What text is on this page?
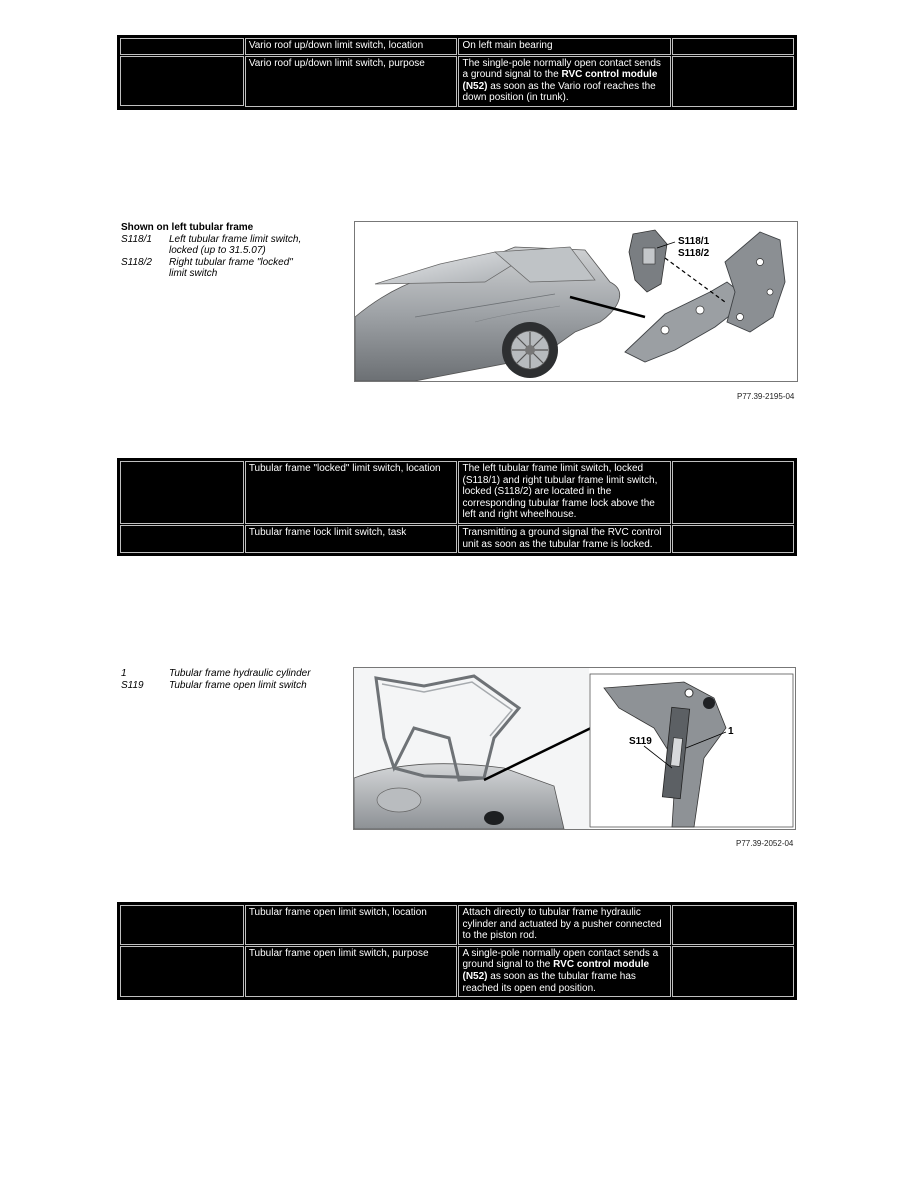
Vario roof up/down limit switch, location	On left main bearing
Vario roof up/down limit switch, purpose	The single-pole normally open contact sends a ground signal to the RVC control module (N52) as soon as the Vario roof reaches the down position (in trunk).
Shown on left tubular frame
S118/1	Left tubular frame limit switch, locked (up to 31.5.07)
S118/2	Right tubular frame "locked" limit switch
S118/1
S118/2
P77.39-2195-04
Tubular frame "locked" limit switch, location	The left tubular frame limit switch, locked (S118/1) and right tubular frame limit switch, locked (S118/2) are located in the corresponding tubular frame lock above the left and right wheelhouse.
Tubular frame lock limit switch, task	Transmitting a ground signal the RVC control unit as soon as the tubular frame is locked.
1	Tubular frame hydraulic cylinder
S119	Tubular frame open limit switch
S119
1
P77.39-2052-04
Tubular frame open limit switch, location	Attach directly to tubular frame hydraulic cylinder and actuated by a pusher connected to the piston rod.
Tubular frame open limit switch, purpose	A single-pole normally open contact sends a ground signal to the RVC control module (N52) as soon as the tubular frame has reached its open end position.
